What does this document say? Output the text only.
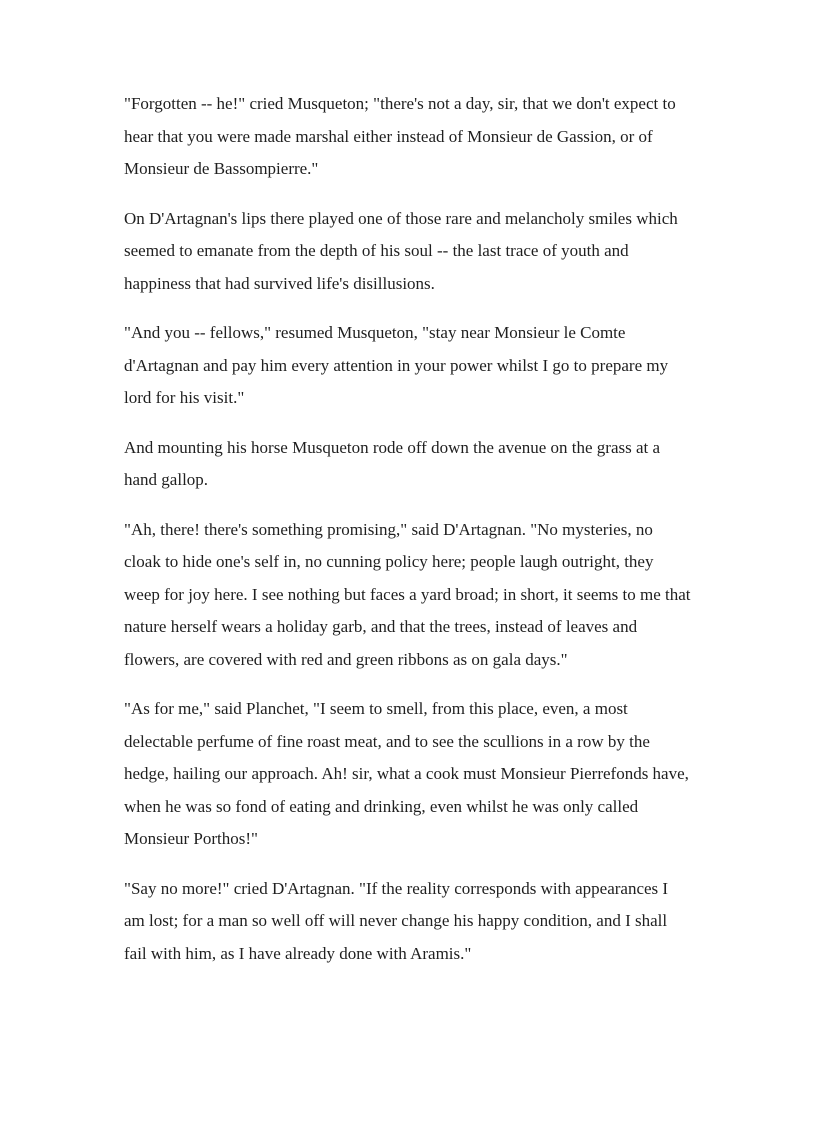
"Forgotten -- he!" cried Musqueton; "there's not a day, sir, that we don't expect to hear that you were made marshal either instead of Monsieur de Gassion, or of Monsieur de Bassompierre."

On D'Artagnan's lips there played one of those rare and melancholy smiles which seemed to emanate from the depth of his soul -- the last trace of youth and happiness that had survived life's disillusions.

"And you -- fellows," resumed Musqueton, "stay near Monsieur le Comte d'Artagnan and pay him every attention in your power whilst I go to prepare my lord for his visit."

And mounting his horse Musqueton rode off down the avenue on the grass at a hand gallop.

"Ah, there! there's something promising," said D'Artagnan. "No mysteries, no cloak to hide one's self in, no cunning policy here; people laugh outright, they weep for joy here. I see nothing but faces a yard broad; in short, it seems to me that nature herself wears a holiday garb, and that the trees, instead of leaves and flowers, are covered with red and green ribbons as on gala days."

"As for me," said Planchet, "I seem to smell, from this place, even, a most delectable perfume of fine roast meat, and to see the scullions in a row by the hedge, hailing our approach. Ah! sir, what a cook must Monsieur Pierrefonds have, when he was so fond of eating and drinking, even whilst he was only called Monsieur Porthos!"

"Say no more!" cried D'Artagnan. "If the reality corresponds with appearances I am lost; for a man so well off will never change his happy condition, and I shall fail with him, as I have already done with Aramis."
